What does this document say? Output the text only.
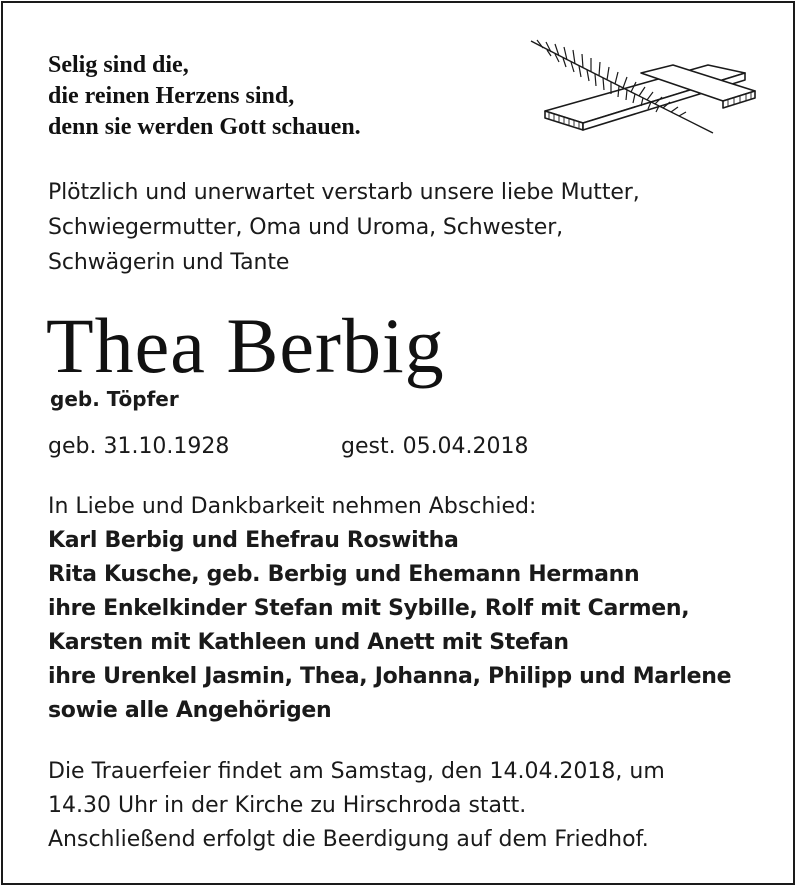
Selig sind die,
die reinen Herzens sind,
denn sie werden Gott schauen.
Plötzlich und unerwartet verstarb unsere liebe Mutter,
Schwiegermutter, Oma und Uroma, Schwester,
Schwägerin und Tante
Thea Berbig
geb. Töpfer
geb. 31.10.1928	gest. 05.04.2018
In Liebe und Dankbarkeit nehmen Abschied:
Karl Berbig und Ehefrau Roswitha
Rita Kusche, geb. Berbig und Ehemann Hermann
ihre Enkelkinder Stefan mit Sybille, Rolf mit Carmen,
Karsten mit Kathleen und Anett mit Stefan
ihre Urenkel Jasmin, Thea, Johanna, Philipp und Marlene
sowie alle Angehörigen
Die Trauerfeier findet am Samstag, den 14.04.2018, um
14.30 Uhr in der Kirche zu Hirschroda statt.
Anschließend erfolgt die Beerdigung auf dem Friedhof.
